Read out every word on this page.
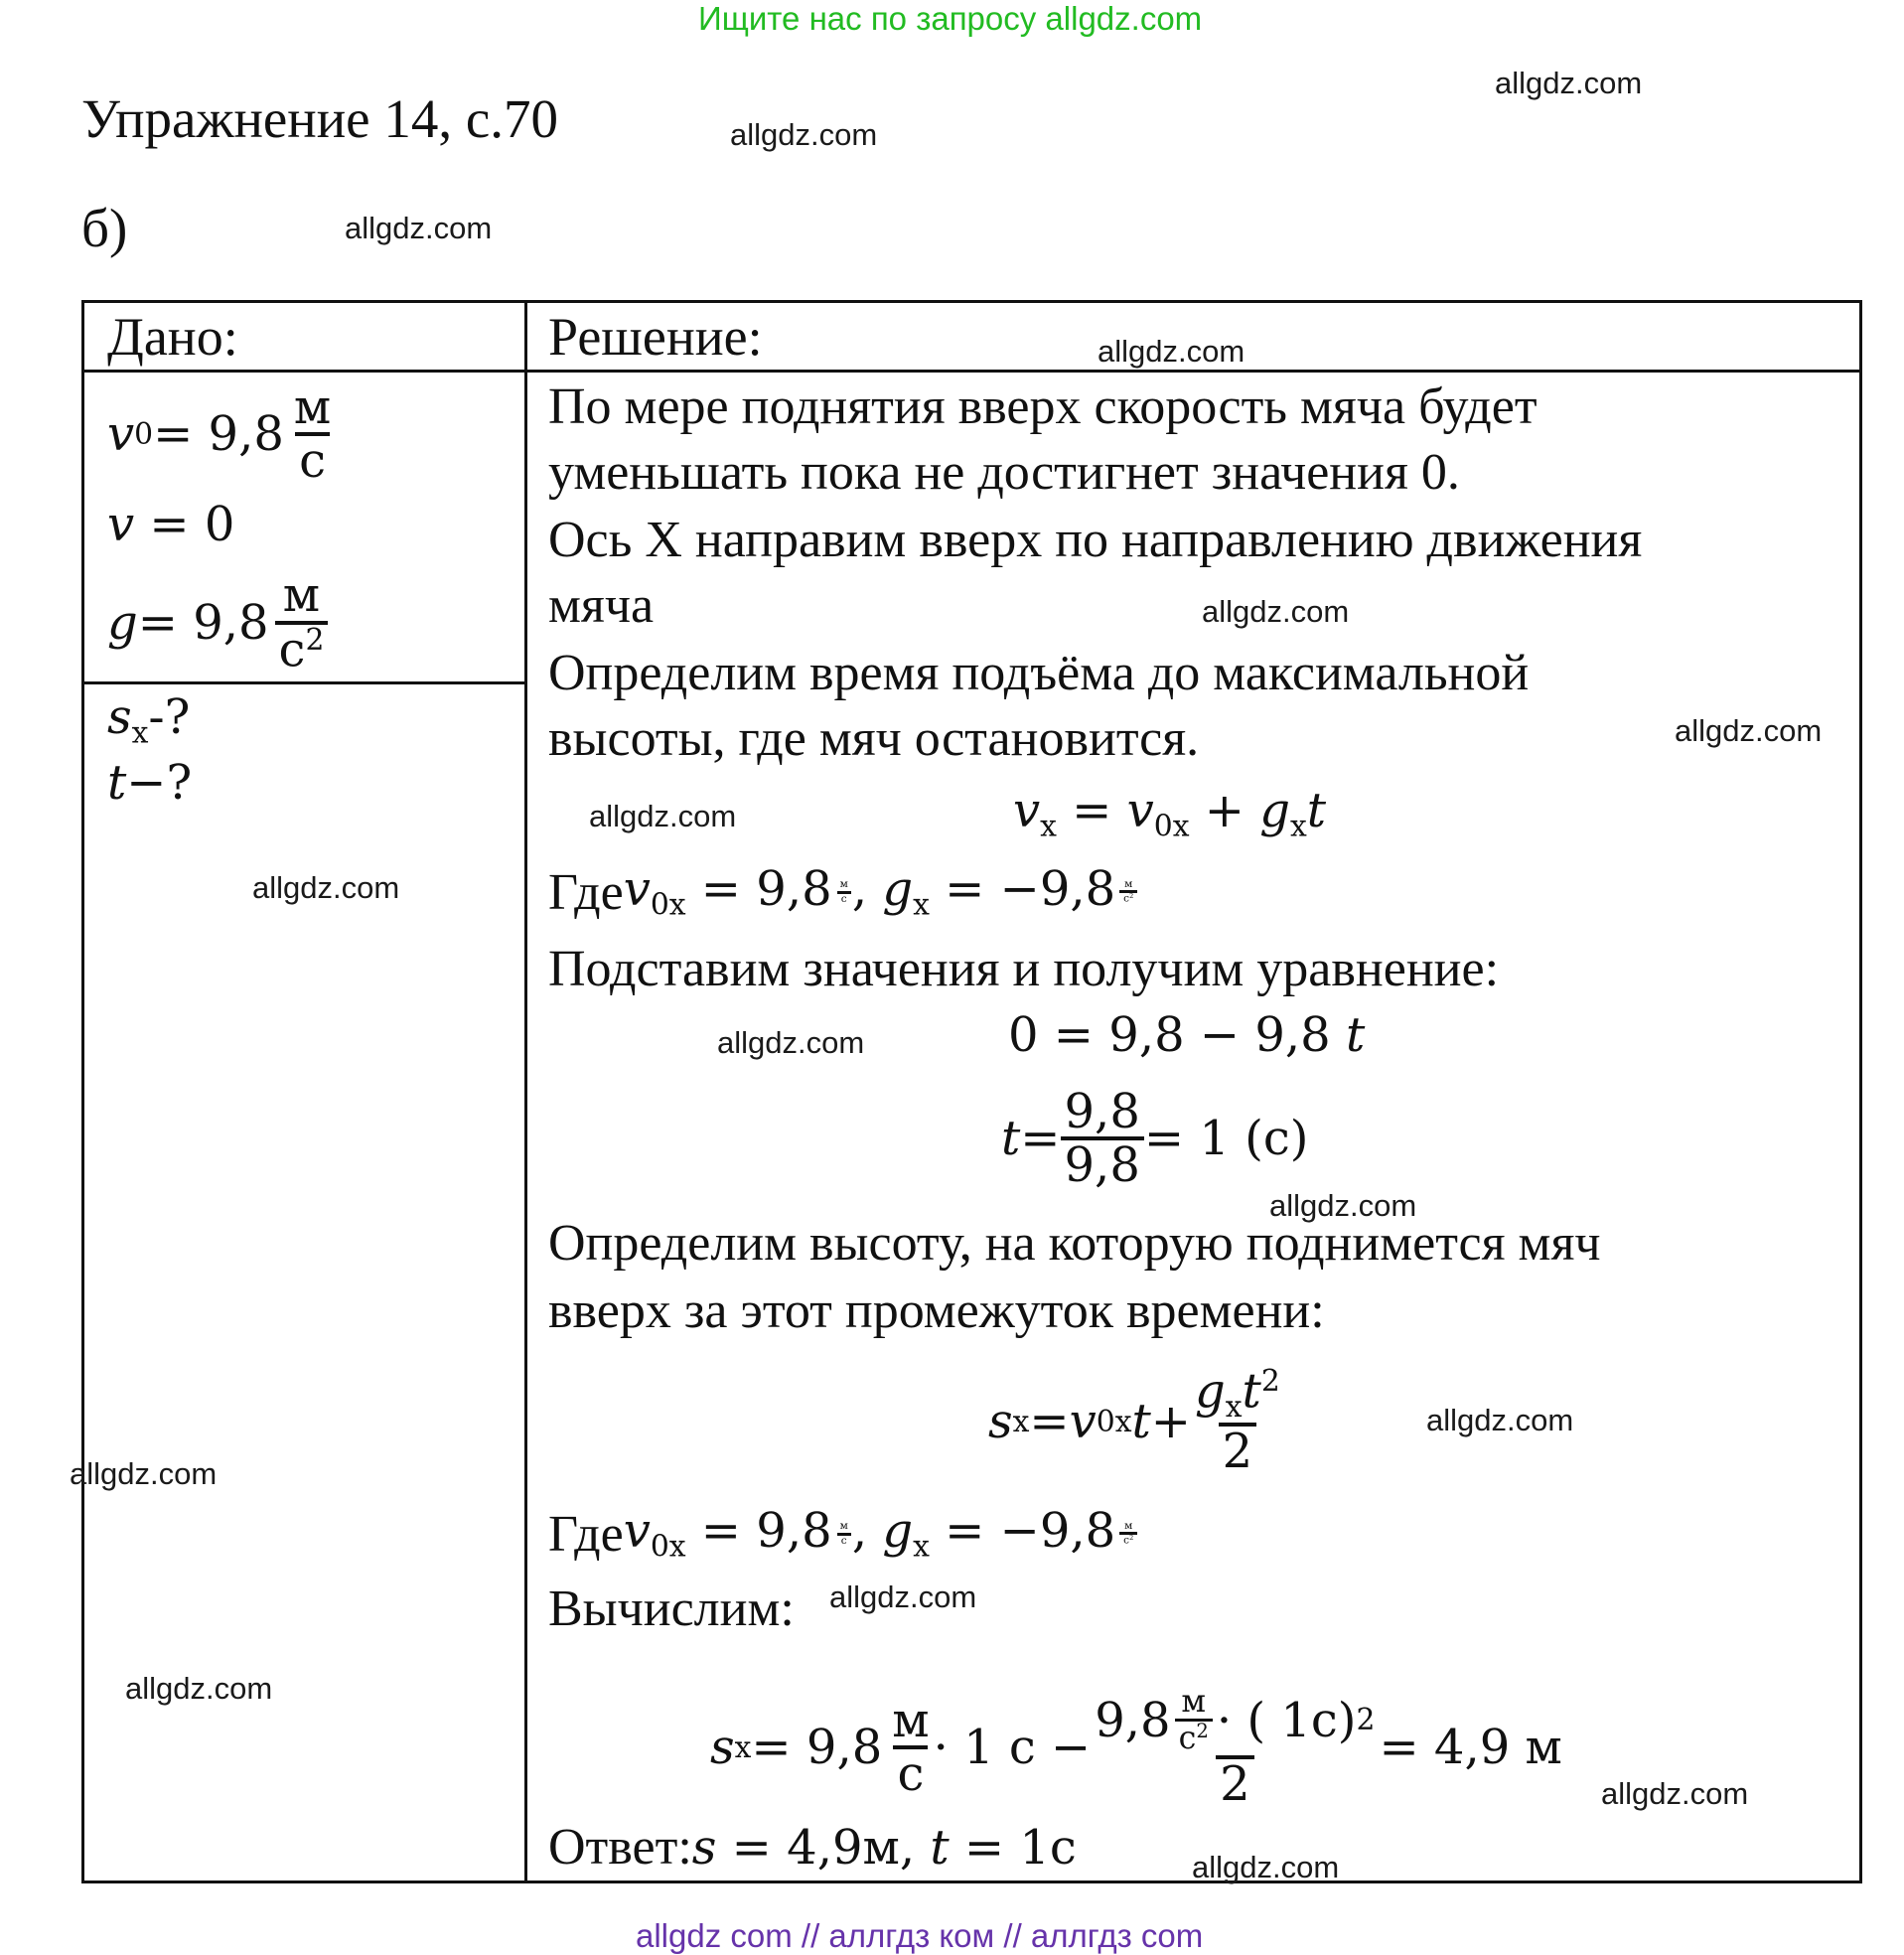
Ищите нас по запросу allgdz.com
Упражнение 14, с.70
б)
Дано:	Решение:
v $0 = 9,8 \frac{м}{с}$
v = 0
$g = 9,8 \frac{м}{с^2}$
$s_x-$?
t−?
По мере поднятия вверх скорость мяча будет
уменьшать пока не достигнет значения 0.
Ось X направим вверх по направлению движения
мяча
Определим время подъёма до максимальной
высоты, где мяч остановится.
$v_x = v_{0x} + g_xt$
Где $v_{0x} = 9,8 \frac{м}{с}$ , $g_x = -9,8 \frac{м}{с^2}$
Подставим значения и получим уравнение:
0 = 9,8 − 9,8 t
$t = \frac{9,8}{9,8} = 1$ (с)
Определим высоту, на которую поднимется мяч
вверх за этот промежуток времени:
s x = v 0x $t + \frac{g_xt^2}{2}$
Где $v_{0x} = 9,8 \frac{м}{с}$ , $g_x = -9,8 \frac{м}{с^2}$
Вычислим:
s $x = 9,8 \frac{м}{с} \cdot 1$ $с - \frac{9,8 \frac{м}{с^2} \cdot ( 1с) 2}{2} = 4,9$ м
Ответ:s = 4,9м, t = 1с
allgdz.com
allgdz.com
allgdz.com
allgdz.com
allgdz.com
allgdz.com
allgdz.com
allgdz.com
allgdz.com
allgdz.com
allgdz.com
allgdz.com
allgdz.com
allgdz.com
allgdz.com
allgdz.com
allgdz com // аллгдз ком // аллгдз com
